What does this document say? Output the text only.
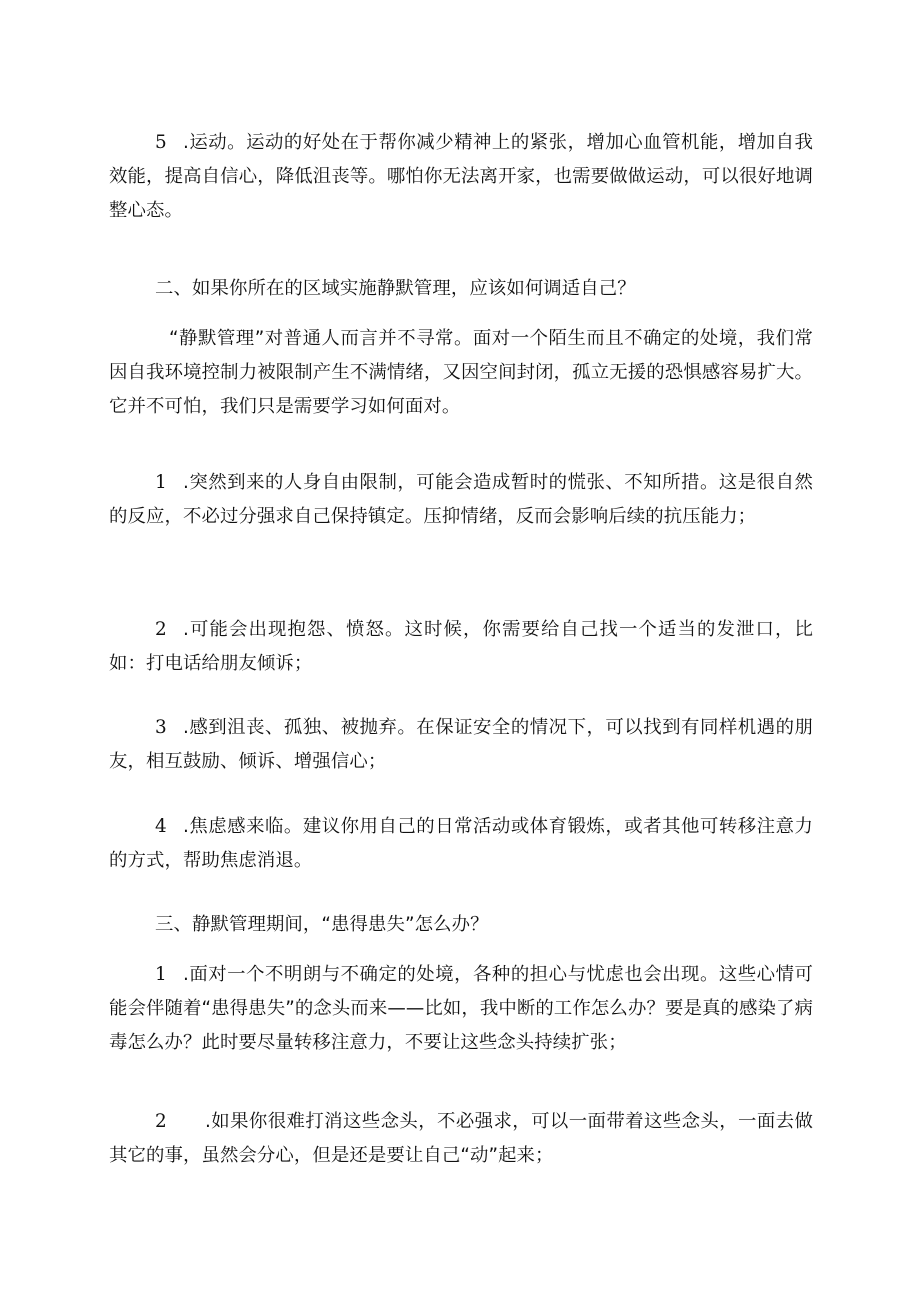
5 .运动。运动的好处在于帮你减少精神上的紧张，增加心血管机能，增加自我效能，提高自信心，降低沮丧等。哪怕你无法离开家，也需要做做运动，可以很好地调整心态。

二、如果你所在的区域实施静默管理，应该如何调适自己？

“静默管理”对普通人而言并不寻常。面对一个陌生而且不确定的处境，我们常因自我环境控制力被限制产生不满情绪，又因空间封闭，孤立无援的恐惧感容易扩大。它并不可怕，我们只是需要学习如何面对。

1 .突然到来的人身自由限制，可能会造成暂时的慌张、不知所措。这是很自然的反应，不必过分强求自己保持镇定。压抑情绪，反而会影响后续的抗压能力；

2 .可能会出现抱怨、愤怒。这时候，你需要给自己找一个适当的发泄口，比如：打电话给朋友倾诉；

3 .感到沮丧、孤独、被抛弃。在保证安全的情况下，可以找到有同样机遇的朋友，相互鼓励、倾诉、增强信心；

4 .焦虑感来临。建议你用自己的日常活动或体育锻炼，或者其他可转移注意力的方式，帮助焦虑消退。

三、静默管理期间，“患得患失”怎么办？

1 .面对一个不明朗与不确定的处境，各种的担心与忧虑也会出现。这些心情可能会伴随着“患得患失”的念头而来——比如，我中断的工作怎么办？要是真的感染了病毒怎么办？此时要尽量转移注意力，不要让这些念头持续扩张；

2 .如果你很难打消这些念头，不必强求，可以一面带着这些念头，一面去做其它的事，虽然会分心，但是还是要让自己“动”起来；
